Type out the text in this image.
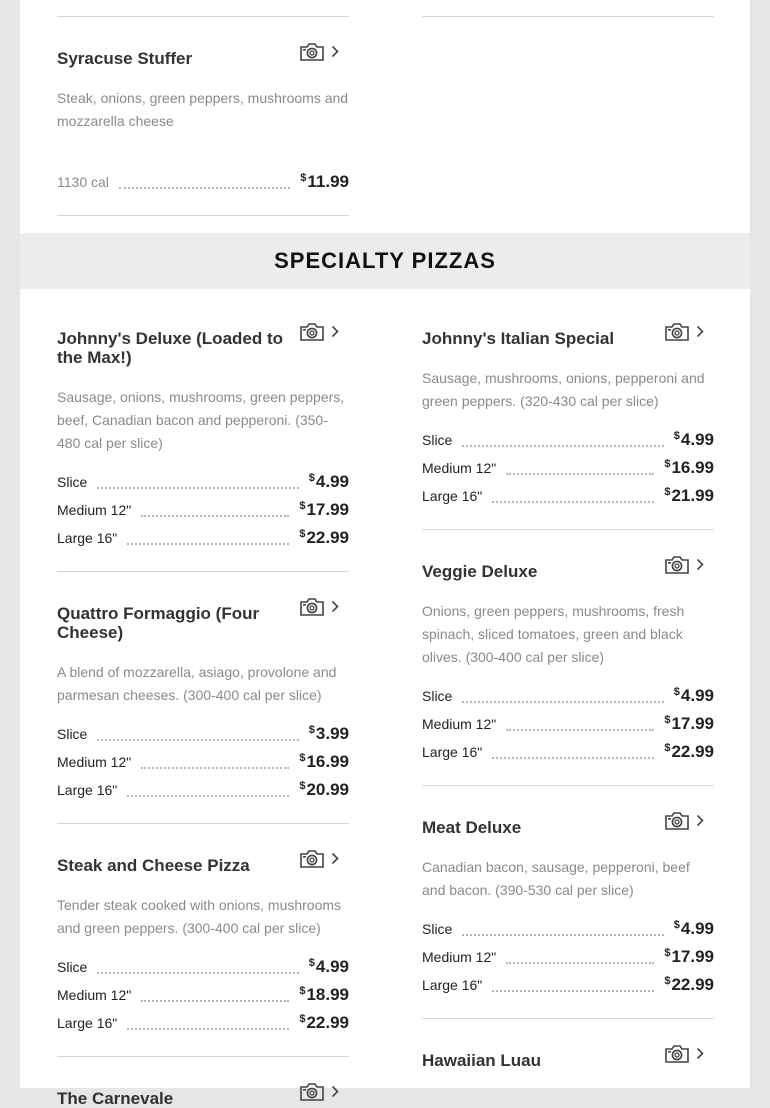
Syracuse Stuffer

Steak, onions, green peppers, mushrooms and mozzarella cheese

1130 cal	$11.99
SPECIALTY PIZZAS
Johnny's Deluxe (Loaded to the Max!)

Sausage, onions, mushrooms, green peppers, beef, Canadian bacon and pepperoni. (350-480 cal per slice)

Slice	$4.99
Medium 12"	$17.99
Large 16"	$22.99
Quattro Formaggio (Four Cheese)

A blend of mozzarella, asiago, provolone and parmesan cheeses. (300-400 cal per slice)

Slice	$3.99
Medium 12"	$16.99
Large 16"	$20.99
Steak and Cheese Pizza

Tender steak cooked with onions, mushrooms and green peppers. (300-400 cal per slice)

Slice	$4.99
Medium 12"	$18.99
Large 16"	$22.99
The Carnevale
Johnny's Italian Special

Sausage, mushrooms, onions, pepperoni and green peppers. (320-430 cal per slice)

Slice	$4.99
Medium 12"	$16.99
Large 16"	$21.99
Veggie Deluxe

Onions, green peppers, mushrooms, fresh spinach, sliced tomatoes, green and black olives. (300-400 cal per slice)

Slice	$4.99
Medium 12"	$17.99
Large 16"	$22.99
Meat Deluxe

Canadian bacon, sausage, pepperoni, beef and bacon. (390-530 cal per slice)

Slice	$4.99
Medium 12"	$17.99
Large 16"	$22.99
Hawaiian Luau
